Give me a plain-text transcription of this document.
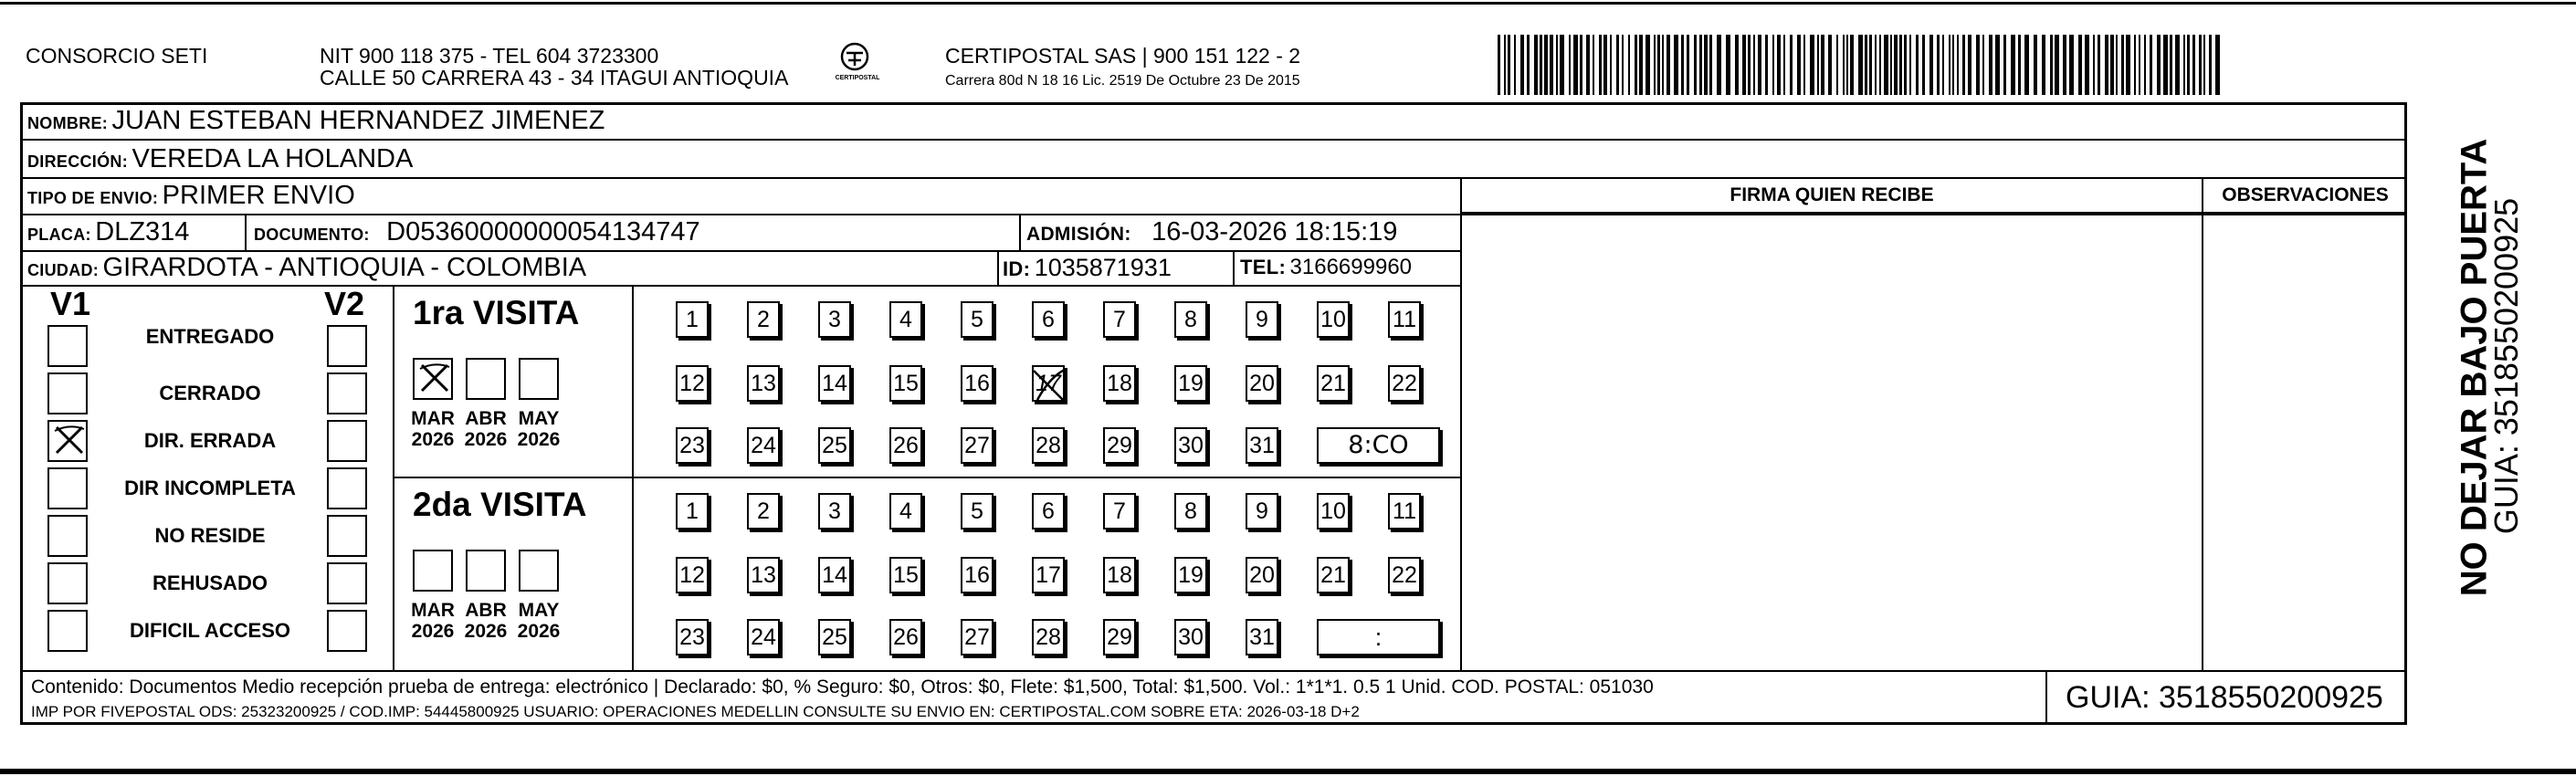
CONSORCIO SETI	NIT 900 118 375 - TEL 604 3723300
CALLE 50 CARRERA 43 - 34 ITAGUI ANTIOQUIA	CERTIPOSTAL
CERTIPOSTAL SAS | 900 151 122 - 2
Carrera 80d N 18 16 Lic. 2519 De Octubre 23 De 2015
NOMBRE: JUAN ESTEBAN HERNANDEZ JIMENEZ
DIRECCIÓN: VEREDA LA HOLANDA
TIPO DE ENVIO: PRIMER ENVIO	FIRMA QUIEN RECIBE	OBSERVACIONES
PLACA: DLZ314	DOCUMENTO: D05360000000054134747	ADMISIÓN: 16-03-2026 18:15:19
CIUDAD: GIRARDOTA - ANTIOQUIA - COLOMBIA	ID: 1035871931	TEL: 3166699960
V1	V2
ENTREGADO
CERRADO
DIR. ERRADA
DIR INCOMPLETA
NO RESIDE
REHUSADO
DIFICIL ACCESO
1ra VISITA
2da VISITA
MAR
2026
ABR
2026
MAY
2026
1	2	3	4	5	6	7	8	9	10 11
12 13 14 15 16 17 18 19 20 21 22
23 24 25 26 27 28 29 30 31	8:CO
MAR
2026
ABR
2026
MAY
2026
1	2	3	4	5	6	7	8	9	10 11
12 13 14 15 16 17 18 19 20 21 22
23 24 25 26 27 28 29 30 31	:
Contenido: Documentos Medio recepción prueba de entrega: electrónico | Declarado: $0, % Seguro: $0, Otros: $0, Flete: $1,500, Total: $1,500. Vol.: 1*1*1. 0.5 1 Unid. COD. POSTAL: 051030
IMP POR FIVEPOSTAL ODS: 25323200925 / COD.IMP: 54445800925 USUARIO: OPERACIONES MEDELLIN CONSULTE SU ENVIO EN: CERTIPOSTAL.COM SOBRE ETA: 2026-03-18 D+2	GUIA: 3518550200925
NO DEJAR BAJO PUERTA
GUIA: 3518550200925
